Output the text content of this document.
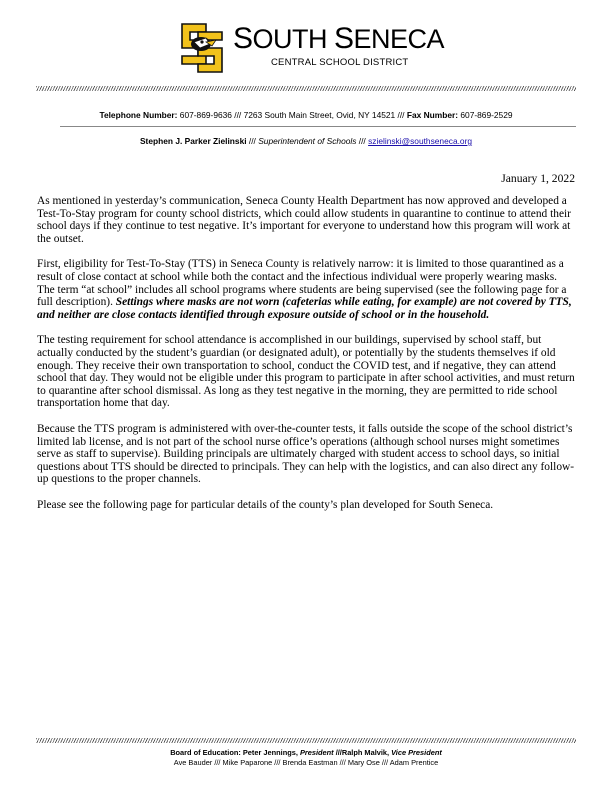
SOUTH SENECA
CENTRAL SCHOOL DISTRICT
Telephone Number: 607-869-9636 /// 7263 South Main Street, Ovid, NY 14521 /// Fax Number: 607-869-2529
Stephen J. Parker Zielinski /// Superintendent of Schools /// szielinski@southseneca.org
January 1, 2022

As mentioned in yesterday’s communication, Seneca County Health Department has now approved and developed a Test-To-Stay program for county school districts, which could allow students in quarantine to continue to attend their school days if they continue to test negative. It’s important for everyone to understand how this program will work at the outset.

First, eligibility for Test-To-Stay (TTS) in Seneca County is relatively narrow: it is limited to those quarantined as a result of close contact at school while both the contact and the infectious individual were properly wearing masks. The term “at school” includes all school programs where students are being supervised (see the following page for a full description). Settings where masks are not worn (cafeterias while eating, for example) are not covered by TTS, and neither are close contacts identified through exposure outside of school or in the household.

The testing requirement for school attendance is accomplished in our buildings, supervised by school staff, but actually conducted by the student’s guardian (or designated adult), or potentially by the students themselves if old enough. They receive their own transportation to school, conduct the COVID test, and if negative, they can attend school that day. They would not be eligible under this program to participate in after school activities, and must return to quarantine after school dismissal. As long as they test negative in the morning, they are permitted to ride school transportation home that day.

Because the TTS program is administered with over-the-counter tests, it falls outside the scope of the school district’s limited lab license, and is not part of the school nurse office’s operations (although school nurses might sometimes serve as staff to supervise). Building principals are ultimately charged with student access to school days, so initial questions about TTS should be directed to principals. They can help with the logistics, and can also direct any follow-up questions to the proper channels.

Please see the following page for particular details of the county’s plan developed for South Seneca.

Board of Education: Peter Jennings, President ///Ralph Malvik, Vice President
Ave Bauder /// Mike Paparone /// Brenda Eastman /// Mary Ose /// Adam Prentice
